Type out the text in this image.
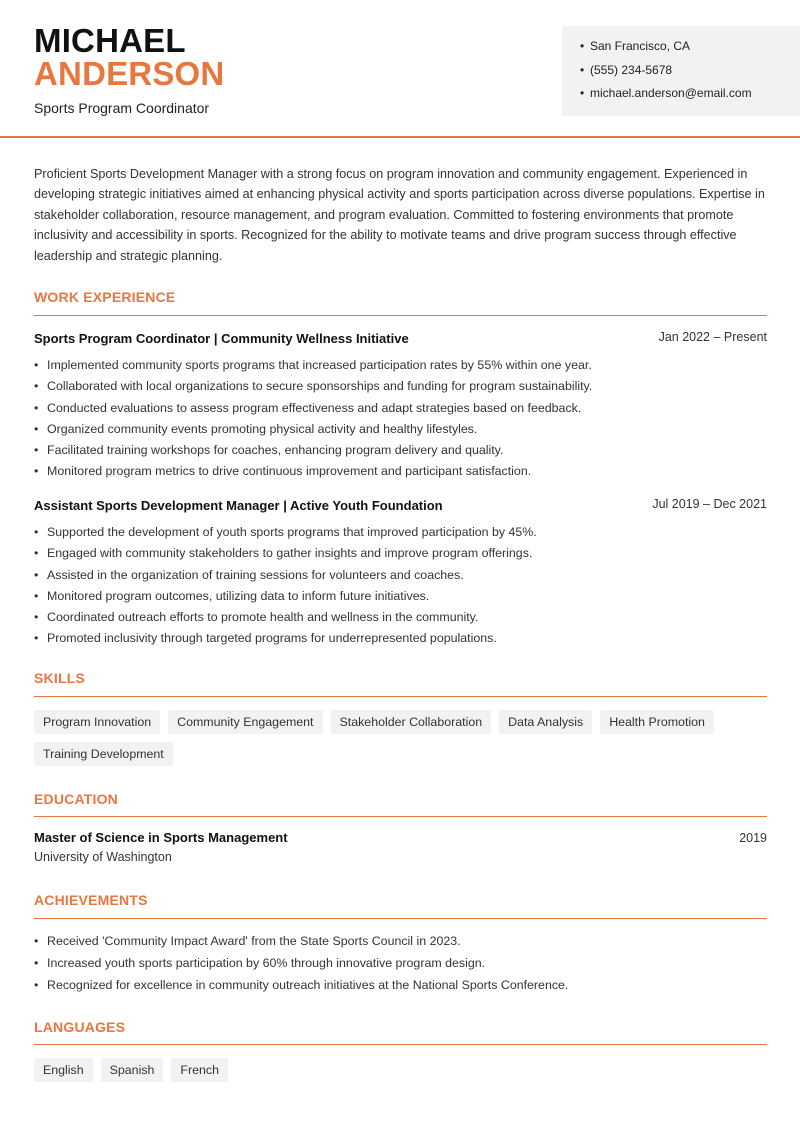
MICHAEL
ANDERSON
Sports Program Coordinator
• San Francisco, CA
• (555) 234-5678
• michael.anderson@email.com

Proficient Sports Development Manager with a strong focus on program innovation and community engagement. Experienced in developing strategic initiatives aimed at enhancing physical activity and sports participation across diverse populations. Expertise in stakeholder collaboration, resource management, and program evaluation. Committed to fostering environments that promote inclusivity and accessibility in sports. Recognized for the ability to motivate teams and drive program success through effective leadership and strategic planning.

WORK EXPERIENCE
Sports Program Coordinator | Community Wellness Initiative	Jan 2022 – Present
• Implemented community sports programs that increased participation rates by 55% within one year.
• Collaborated with local organizations to secure sponsorships and funding for program sustainability.
• Conducted evaluations to assess program effectiveness and adapt strategies based on feedback.
• Organized community events promoting physical activity and healthy lifestyles.
• Facilitated training workshops for coaches, enhancing program delivery and quality.
• Monitored program metrics to drive continuous improvement and participant satisfaction.
Assistant Sports Development Manager | Active Youth Foundation	Jul 2019 – Dec 2021
• Supported the development of youth sports programs that improved participation by 45%.
• Engaged with community stakeholders to gather insights and improve program offerings.
• Assisted in the organization of training sessions for volunteers and coaches.
• Monitored program outcomes, utilizing data to inform future initiatives.
• Coordinated outreach efforts to promote health and wellness in the community.
• Promoted inclusivity through targeted programs for underrepresented populations.
SKILLS
Program Innovation	Community Engagement	Stakeholder Collaboration	Data Analysis	Health Promotion
Training Development
EDUCATION
Master of Science in Sports Management	2019
University of Washington
ACHIEVEMENTS
• Received 'Community Impact Award' from the State Sports Council in 2023.
• Increased youth sports participation by 60% through innovative program design.
• Recognized for excellence in community outreach initiatives at the National Sports Conference.
LANGUAGES
English	Spanish	French
